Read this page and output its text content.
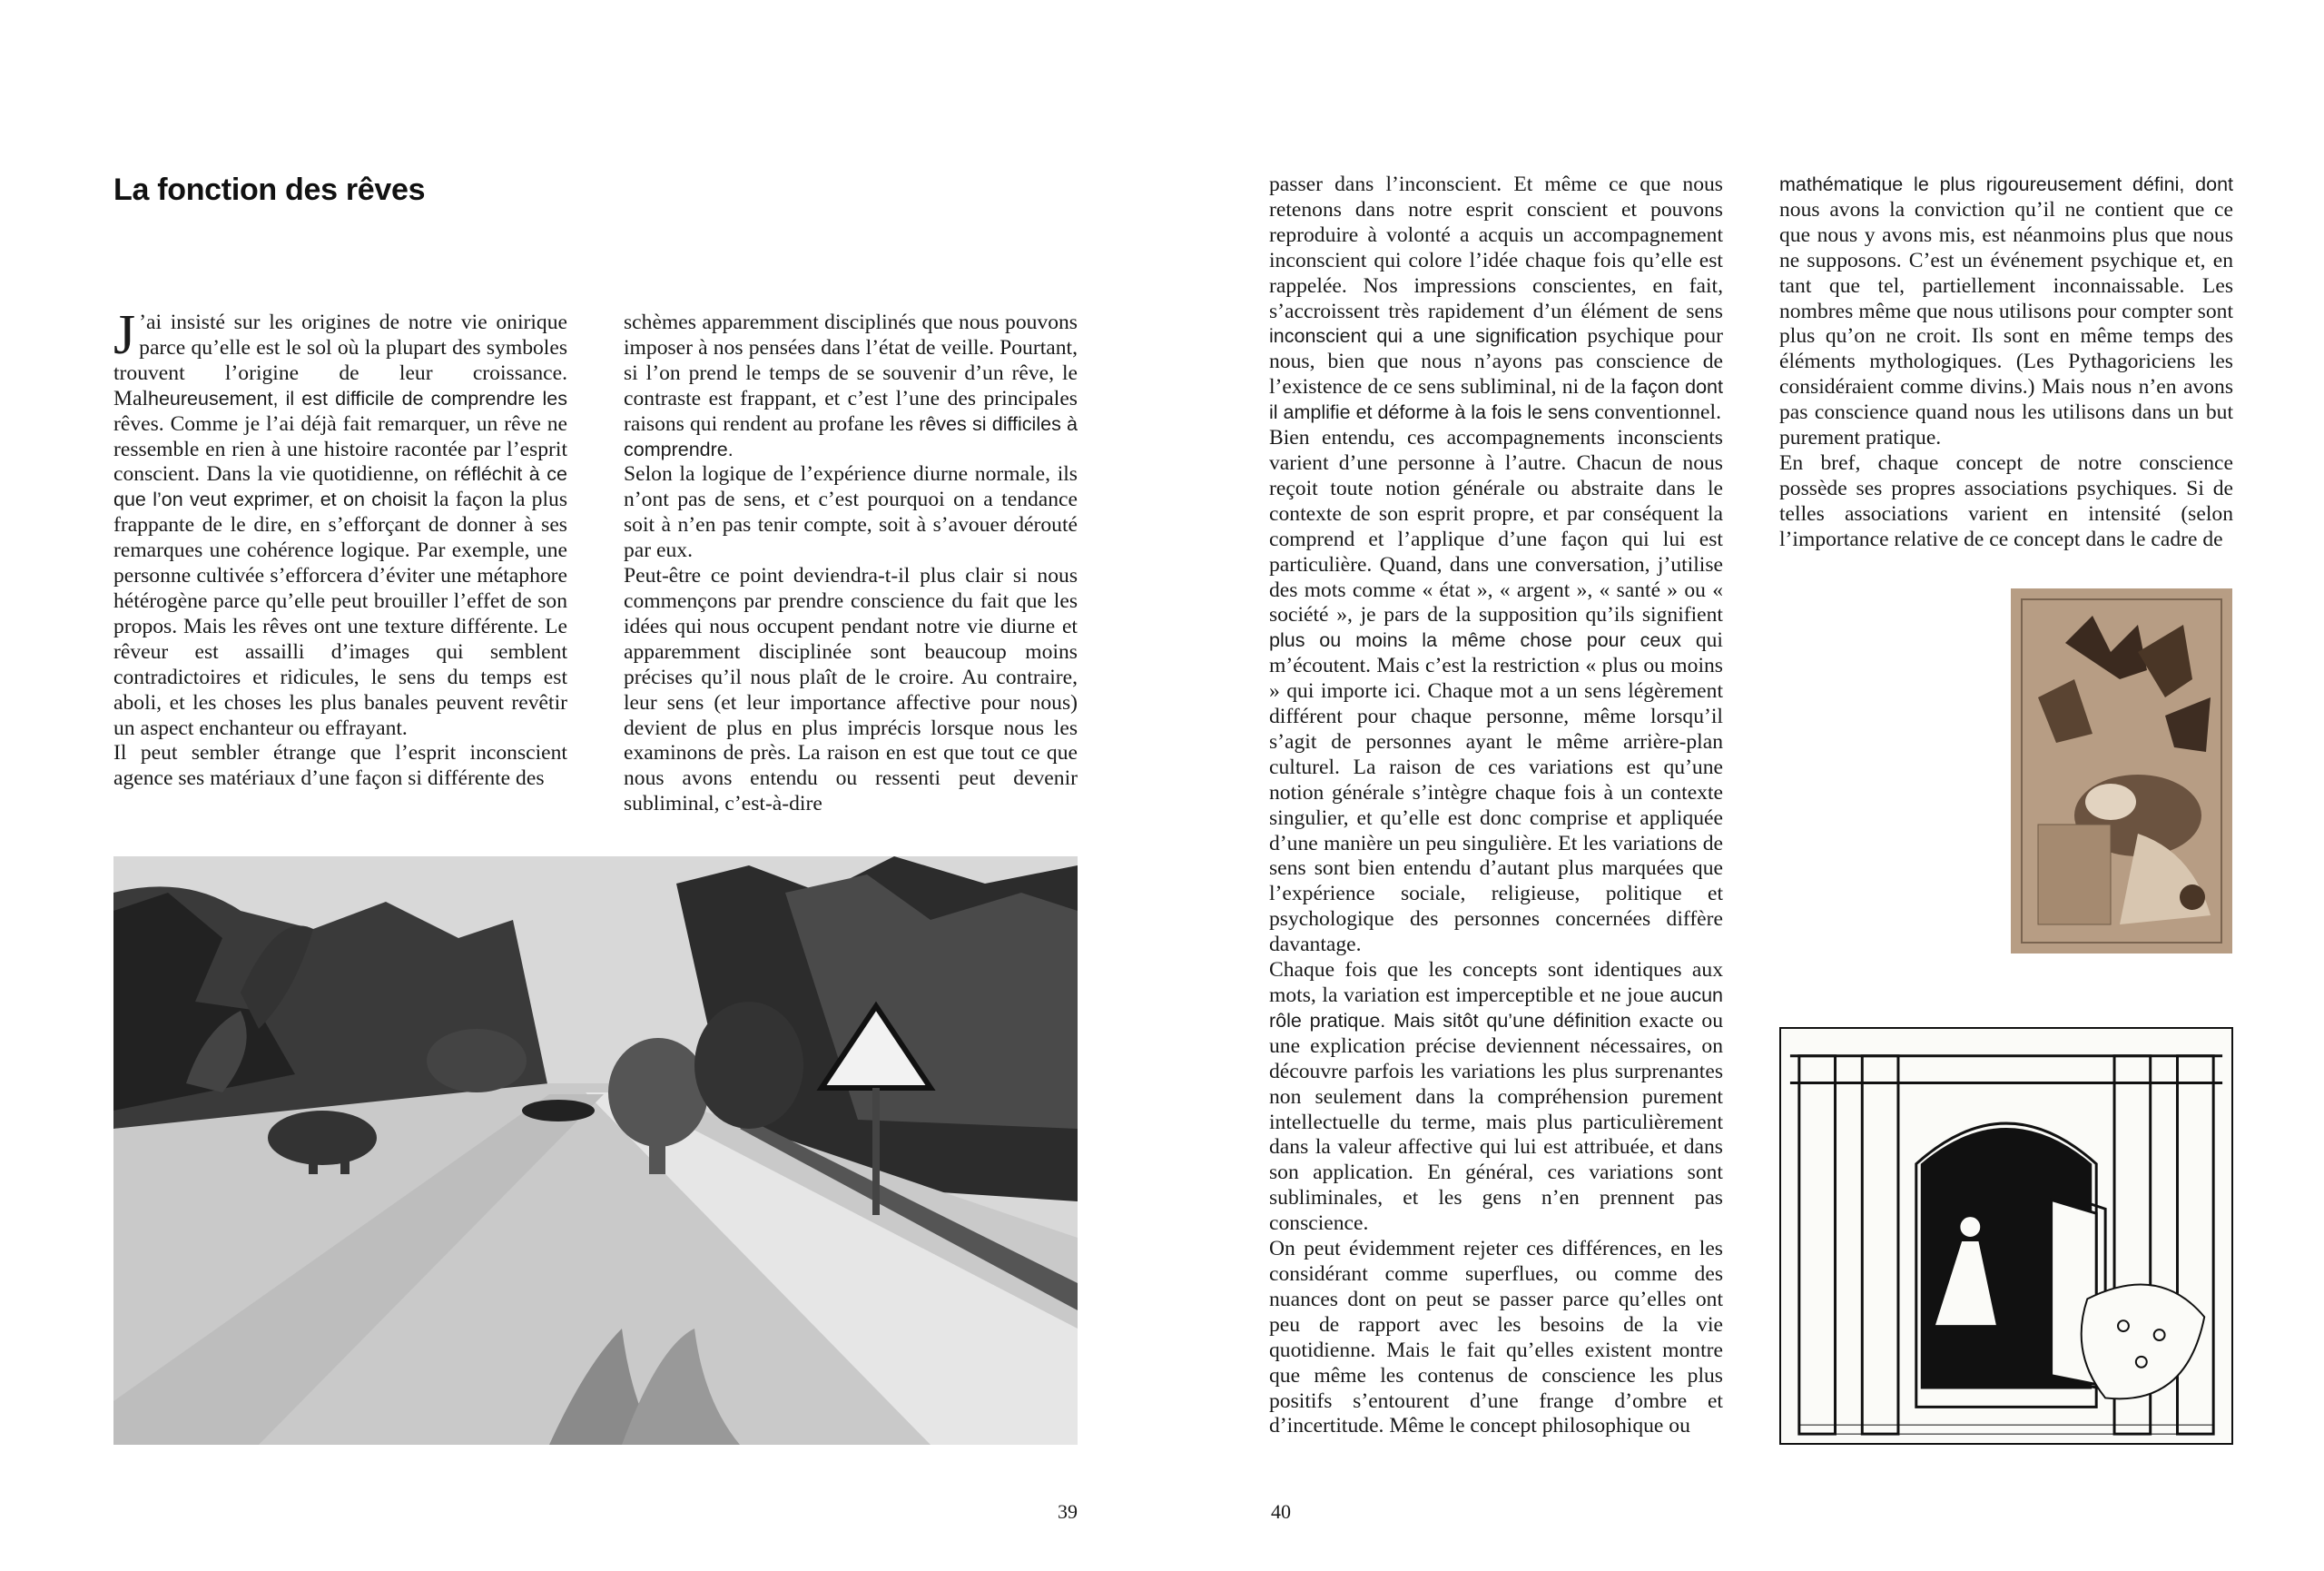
La fonction des rêves

J ’ai insisté sur les origines de notre vie onirique parce qu’elle est le sol où la plupart des symboles trouvent l’origine de leur croissance. Malheureusement, il est difficile de comprendre les rêves. Comme je l’ai déjà fait remarquer, un rêve ne ressemble en rien à une histoire racontée par l’esprit conscient. Dans la vie quotidienne, on réfléchit à ce que l’on veut exprimer, et on choisit la façon la plus frappante de le dire, en s’efforçant de donner à ses remarques une cohérence logique. Par exemple, une personne cultivée s’efforcera d’éviter une métaphore hétérogène parce qu’elle peut brouiller l’effet de son propos. Mais les rêves ont une texture différente. Le rêveur est assailli d’images qui semblent contradictoires et ridicules, le sens du temps est aboli, et les choses les plus banales peuvent revêtir un aspect enchanteur ou effrayant.

Il peut sembler étrange que l’esprit inconscient agence ses matériaux d’une façon si différente des

schèmes apparemment disciplinés que nous pouvons imposer à nos pensées dans l’état de veille. Pourtant, si l’on prend le temps de se souvenir d’un rêve, le contraste est frappant, et c’est l’une des principales raisons qui rendent au profane les rêves si difficiles à comprendre.

Selon la logique de l’expérience diurne normale, ils n’ont pas de sens, et c’est pourquoi on a tendance soit à n’en pas tenir compte, soit à s’avouer dérouté par eux.

Peut-être ce point deviendra-t-il plus clair si nous commençons par prendre conscience du fait que les idées qui nous occupent pendant notre vie diurne et apparemment disciplinée sont beaucoup moins précises qu’il nous plaît de le croire. Au contraire, leur sens (et leur importance affective pour nous) devient de plus en plus imprécis lorsque nous les examinons de près. La raison en est que tout ce que nous avons entendu ou ressenti peut devenir subliminal, c’est-à-dire

39

passer dans l’inconscient. Et même ce que nous retenons dans notre esprit conscient et pouvons reproduire à volonté a acquis un accompagnement inconscient qui colore l’idée chaque fois qu’elle est rappelée. Nos impressions conscientes, en fait, s’accroissent très rapidement d’un élément de sens inconscient qui a une signification psychique pour nous, bien que nous n’ayons pas conscience de l’existence de ce sens subliminal, ni de la façon dont il amplifie et déforme à la fois le sens conventionnel.

Bien entendu, ces accompagnements inconscients varient d’une personne à l’autre. Chacun de nous reçoit toute notion générale ou abstraite dans le contexte de son esprit propre, et par conséquent la comprend et l’applique d’une façon qui lui est particulière. Quand, dans une conversation, j’utilise des mots comme « état », « argent », « santé » ou « société », je pars de la supposition qu’ils signifient plus ou moins la même chose pour ceux qui m’écoutent. Mais c’est la restriction « plus ou moins » qui importe ici. Chaque mot a un sens légèrement différent pour chaque personne, même lorsqu’il s’agit de personnes ayant le même arrière-plan culturel. La raison de ces variations est qu’une notion générale s’intègre chaque fois à un contexte singulier, et qu’elle est donc comprise et appliquée d’une manière un peu singulière. Et les variations de sens sont bien entendu d’autant plus marquées que l’expérience sociale, religieuse, politique et psychologique des personnes concernées diffère davantage.

Chaque fois que les concepts sont identiques aux mots, la variation est imperceptible et ne joue aucun rôle pratique. Mais sitôt qu’une définition exacte ou une explication précise deviennent nécessaires, on découvre parfois les variations les plus surprenantes non seulement dans la compréhension purement intellectuelle du terme, mais plus particulièrement dans la valeur affective qui lui est attribuée, et dans son application. En général, ces variations sont subliminales, et les gens n’en prennent pas conscience.

On peut évidemment rejeter ces différences, en les considérant comme superflues, ou comme des nuances dont on peut se passer parce qu’elles ont peu de rapport avec les besoins de la vie quotidienne. Mais le fait qu’elles existent montre que même les contenus de conscience les plus positifs s’entourent d’une frange d’ombre et d’incertitude. Même le concept philosophique ou

mathématique le plus rigoureusement défini, dont nous avons la conviction qu’il ne contient que ce que nous y avons mis, est néanmoins plus que nous ne supposons. C’est un événement psychique et, en tant que tel, partiellement inconnaissable. Les nombres même que nous utilisons pour compter sont plus qu’on ne croit. Ils sont en même temps des éléments mythologiques. (Les Pythagoriciens les considéraient comme divins.) Mais nous n’en avons pas conscience quand nous les utilisons dans un but purement pratique.

En bref, chaque concept de notre conscience possède ses propres associations psychiques. Si de telles associations varient en intensité (selon l’importance relative de ce concept dans le cadre de

40
